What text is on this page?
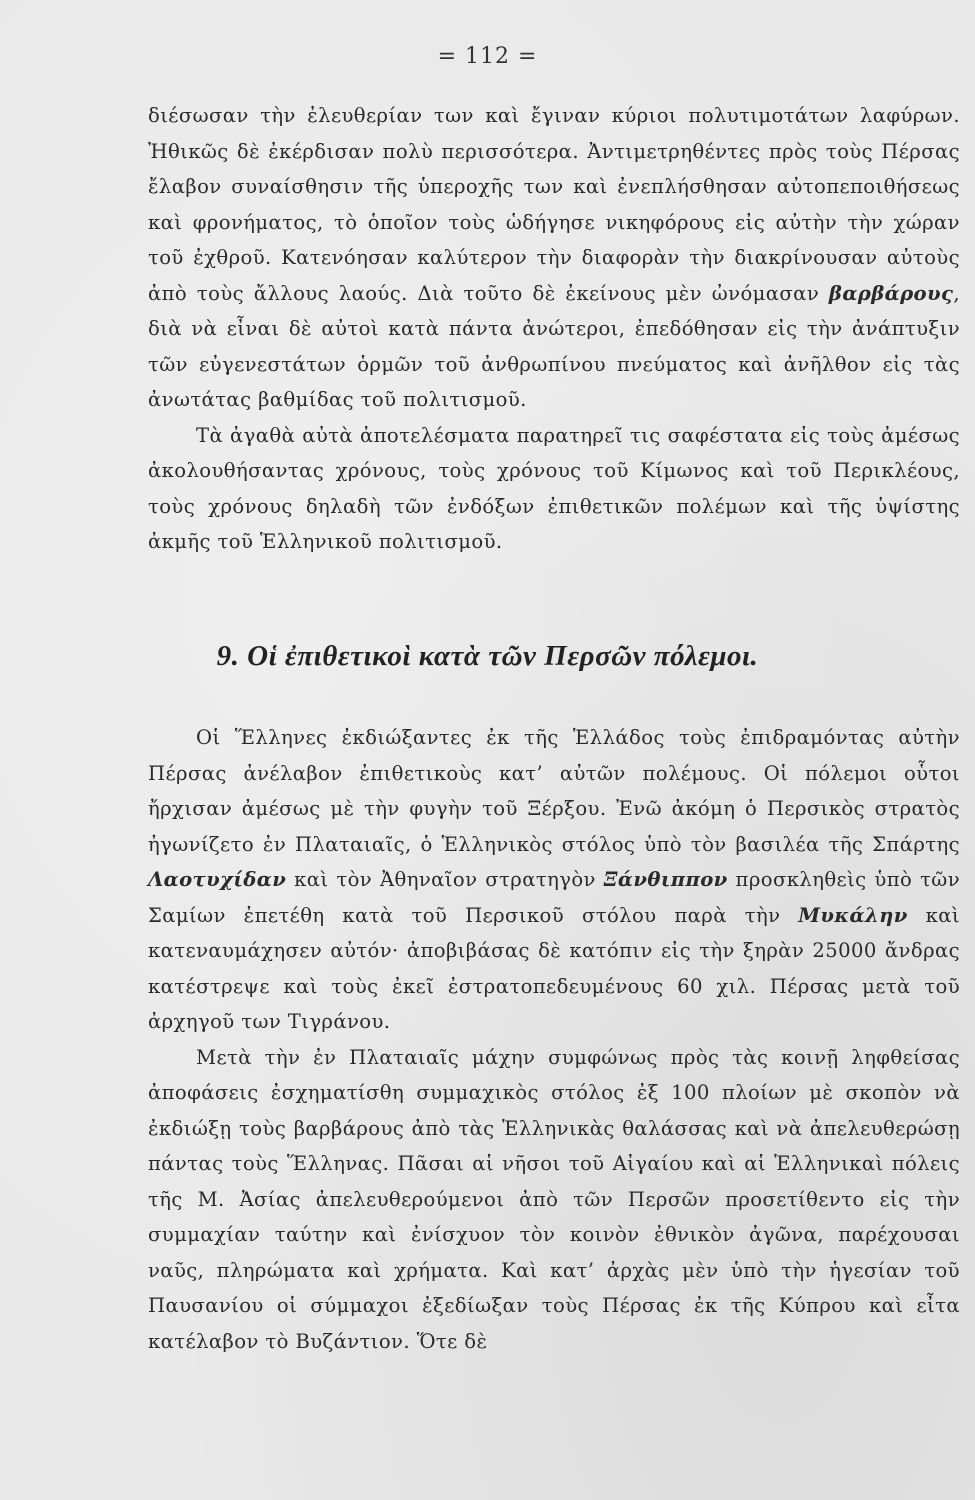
= 112 =

διέσωσαν τὴν ἐλευθερίαν των καὶ ἔγιναν κύριοι πολυτιμοτάτων λαφύρων. Ἠθικῶς δὲ ἐκέρδισαν πολὺ περισσότερα. Ἀντιμετρηθέντες πρὸς τοὺς Πέρσας ἔλαβον συναίσθησιν τῆς ὑπεροχῆς των καὶ ἐνεπλήσθησαν αὐτοπεποιθήσεως καὶ φρονήματος, τὸ ὁποῖον τοὺς ὡδήγησε νικηφόρους εἰς αὐτὴν τὴν χώραν τοῦ ἐχθροῦ. Κατενόησαν καλύτερον τὴν διαφορὰν τὴν διακρίνουσαν αὐτοὺς ἀπὸ τοὺς ἄλλους λαούς. Διὰ τοῦτο δὲ ἐκείνους μὲν ὠνόμασαν βαρβάρους, διὰ νὰ εἶναι δὲ αὐτοὶ κατὰ πάντα ἀνώτεροι, ἐπεδόθησαν εἰς τὴν ἀνάπτυξιν τῶν εὐγενεστάτων ὁρμῶν τοῦ ἀνθρωπίνου πνεύματος καὶ ἀνῆλθον εἰς τὰς ἀνωτάτας βαθμίδας τοῦ πολιτισμοῦ.

Τὰ ἀγαθὰ αὐτὰ ἀποτελέσματα παρατηρεῖ τις σαφέστατα εἰς τοὺς ἀμέσως ἀκολουθήσαντας χρόνους, τοὺς χρόνους τοῦ Κίμωνος καὶ τοῦ Περικλέους, τοὺς χρόνους δηλαδὴ τῶν ἐνδόξων ἐπιθετικῶν πολέμων καὶ τῆς ὑψίστης ἀκμῆς τοῦ Ἑλληνικοῦ πολιτισμοῦ.

9. Οἱ ἐπιθετικοὶ κατὰ τῶν Περσῶν πόλεμοι.

Οἱ Ἕλληνες ἐκδιώξαντες ἐκ τῆς Ἑλλάδος τοὺς ἐπιδραμόντας αὐτὴν Πέρσας ἀνέλαβον ἐπιθετικοὺς κατ’ αὐτῶν πολέμους. Οἱ πόλεμοι οὗτοι ἤρχισαν ἀμέσως μὲ τὴν φυγὴν τοῦ Ξέρξου. Ἐνῶ ἀκόμη ὁ Περσικὸς στρατὸς ἠγωνίζετο ἐν Πλαταιαῖς, ὁ Ἑλληνικὸς στόλος ὑπὸ τὸν βασιλέα τῆς Σπάρτης Λαοτυχίδαν καὶ τὸν Ἀθηναῖον στρατηγὸν Ξάνθιππον προσκληθεὶς ὑπὸ τῶν Σαμίων ἐπετέθη κατὰ τοῦ Περσικοῦ στόλου παρὰ τὴν Μυκάλην καὶ κατεναυμάχησεν αὐτόν· ἀποβιβάσας δὲ κατόπιν εἰς τὴν ξηρὰν 25000 ἄνδρας κατέστρεψε καὶ τοὺς ἐκεῖ ἐστρατοπεδευμένους 60 χιλ. Πέρσας μετὰ τοῦ ἀρχηγοῦ των Τιγράνου.

Μετὰ τὴν ἐν Πλαταιαῖς μάχην συμφώνως πρὸς τὰς κοινῇ ληφθείσας ἀποφάσεις ἐσχηματίσθη συμμαχικὸς στόλος ἐξ 100 πλοίων μὲ σκοπὸν νὰ ἐκδιώξῃ τοὺς βαρβάρους ἀπὸ τὰς Ἑλληνικὰς θαλάσσας καὶ νὰ ἀπελευθερώσῃ πάντας τοὺς Ἕλληνας. Πᾶσαι αἱ νῆσοι τοῦ Αἰγαίου καὶ αἱ Ἑλληνικαὶ πόλεις τῆς Μ. Ἀσίας ἀπελευθερούμενοι ἀπὸ τῶν Περσῶν προσετίθεντο εἰς τὴν συμμαχίαν ταύτην καὶ ἐνίσχυον τὸν κοινὸν ἐθνικὸν ἀγῶνα, παρέχουσαι ναῦς, πληρώματα καὶ χρήματα. Καὶ κατ’ ἀρχὰς μὲν ὑπὸ τὴν ἡγεσίαν τοῦ Παυσανίου οἱ σύμμαχοι ἐξεδίωξαν τοὺς Πέρσας ἐκ τῆς Κύπρου καὶ εἶτα κατέλαβον τὸ Βυζάντιον. Ὅτε δὲ
